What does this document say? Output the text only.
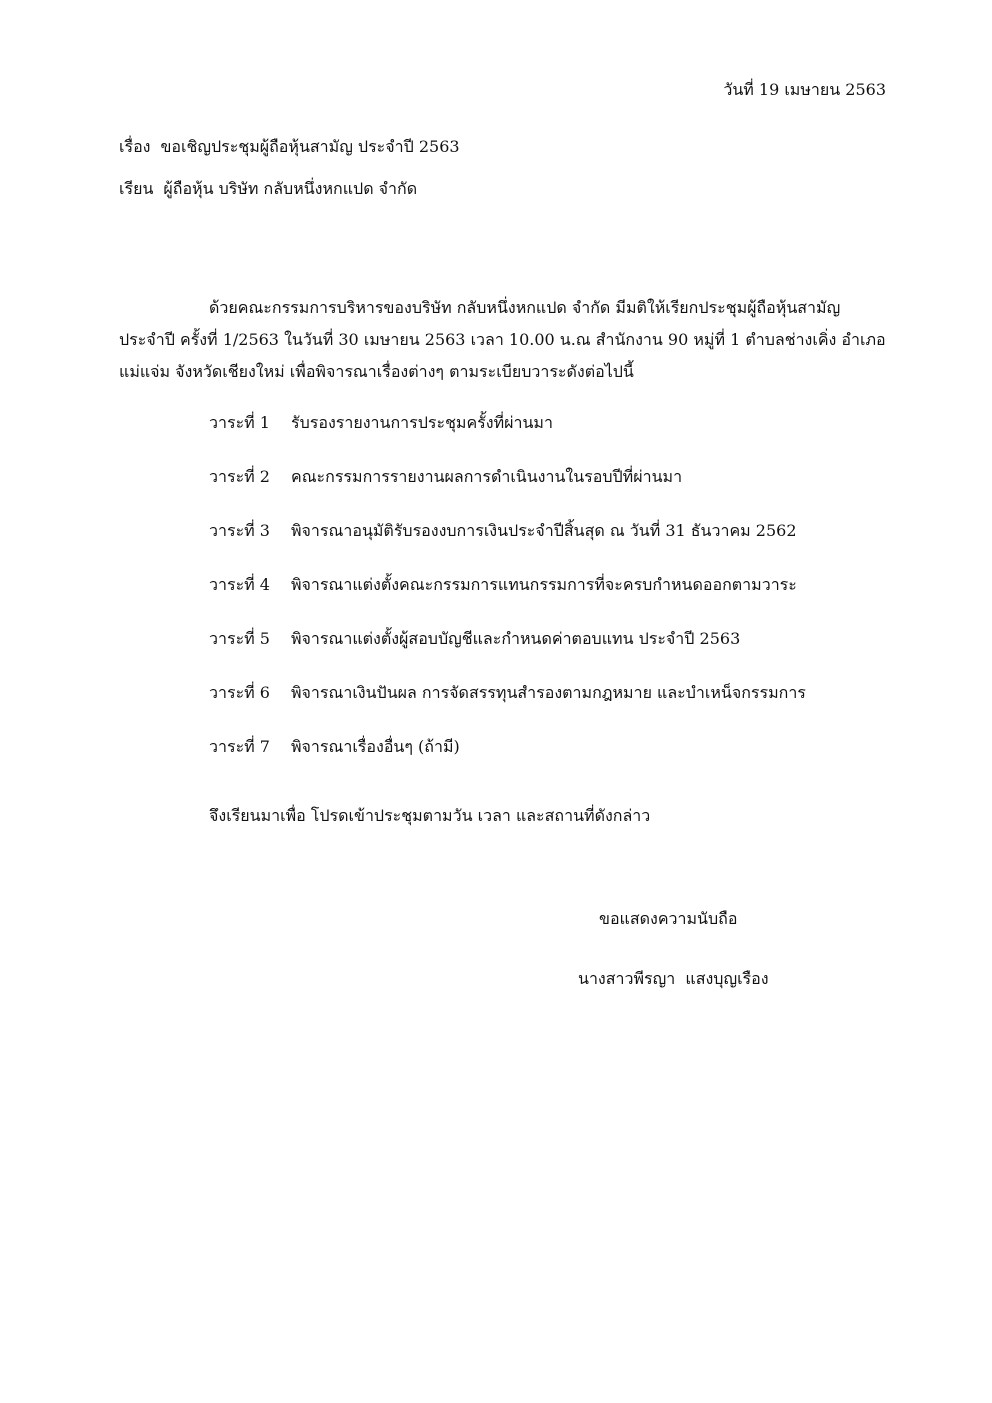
วันที่ 19 เมษายน 2563
เรื่อง ขอเชิญประชุมผู้ถือหุ้นสามัญ ประจำปี 2563
เรียน ผู้ถือหุ้น บริษัท กลับหนึ่งหกแปด จำกัด
ด้วยคณะกรรมการบริหารของบริษัท กลับหนึ่งหกแปด จำกัด มีมติให้เรียกประชุมผู้ถือหุ้นสามัญ
ประจำปี ครั้งที่ 1/2563 ในวันที่ 30 เมษายน 2563 เวลา 10.00 น.ณ สำนักงาน 90 หมู่ที่ 1 ตำบลช่างเคิ่ง อำเภอ
แม่แจ่ม จังหวัดเชียงใหม่ เพื่อพิจารณาเรื่องต่างๆ ตามระเบียบวาระดังต่อไปนี้
วาระที่ 1 รับรองรายงานการประชุมครั้งที่ผ่านมา
วาระที่ 2 คณะกรรมการรายงานผลการดำเนินงานในรอบปีที่ผ่านมา
วาระที่ 3 พิจารณาอนุมัติรับรองงบการเงินประจำปีสิ้นสุด ณ วันที่ 31 ธันวาคม 2562
วาระที่ 4 พิจารณาแต่งตั้งคณะกรรมการแทนกรรมการที่จะครบกำหนดออกตามวาระ
วาระที่ 5 พิจารณาแต่งตั้งผู้สอบบัญชีและกำหนดค่าตอบแทน ประจำปี 2563
วาระที่ 6 พิจารณาเงินปันผล การจัดสรรทุนสำรองตามกฎหมาย และบำเหน็จกรรมการ
วาระที่ 7 พิจารณาเรื่องอื่นๆ (ถ้ามี)
จึงเรียนมาเพื่อ โปรดเข้าประชุมตามวัน เวลา และสถานที่ดังกล่าว
ขอแสดงความนับถือ
นางสาวพีรญา  แสงบุญเรือง
